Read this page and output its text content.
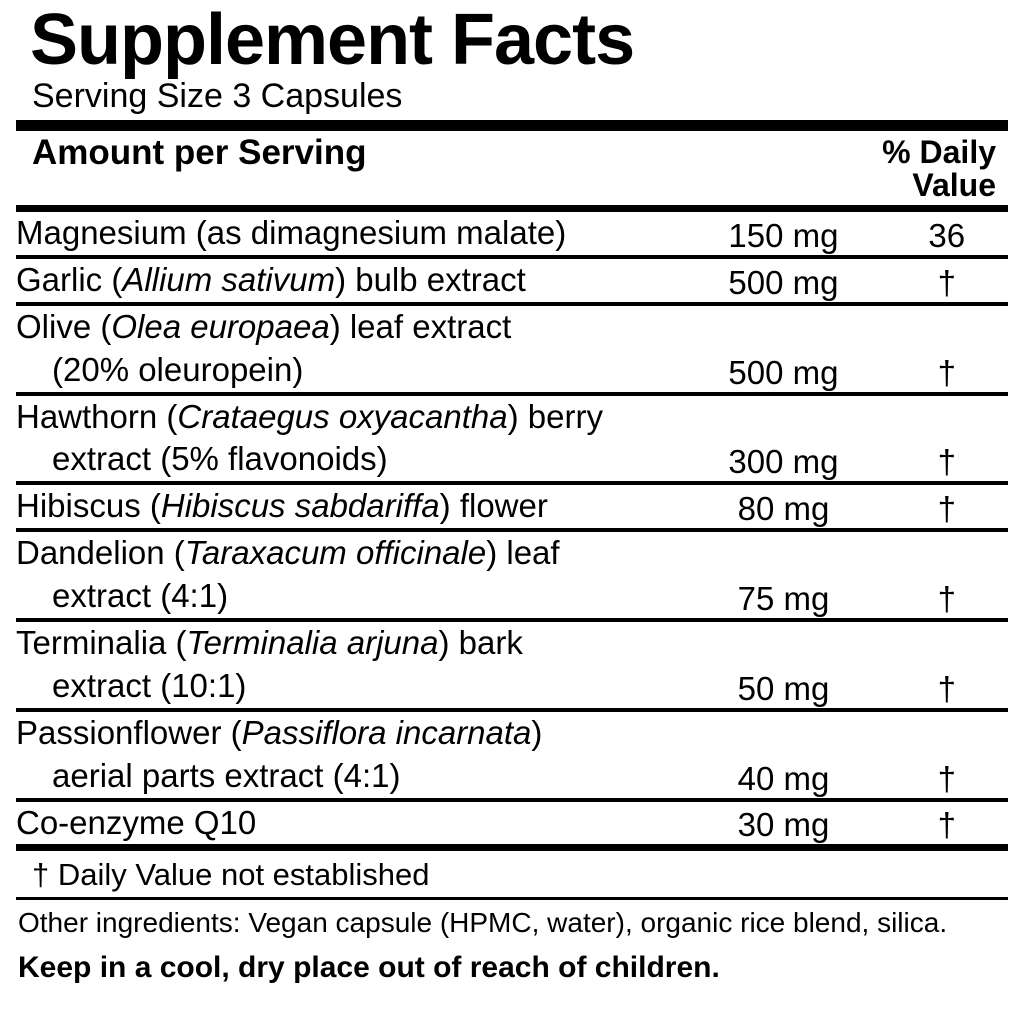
Supplement Facts
Serving Size 3 Capsules
Amount per Serving	% Daily
Value
Magnesium (as dimagnesium malate)	150 mg	36

Garlic (Allium sativum) bulb extract	500 mg	†

Olive (Olea europaea) leaf extract
(20% oleuropein)	500 mg	†

Hawthorn (Crataegus oxyacantha) berry
extract (5% flavonoids)	300 mg	†

Hibiscus (Hibiscus sabdariffa) flower	80 mg	†

Dandelion (Taraxacum officinale) leaf
extract (4:1)	75 mg	†

Terminalia (Terminalia arjuna) bark
extract (10:1)	50 mg	†

Passionflower (Passiflora incarnata)
aerial parts extract (4:1)	40 mg	†

Co-enzyme Q10	30 mg	†
† Daily Value not established
Other ingredients: Vegan capsule (HPMC, water), organic rice blend, silica.
Keep in a cool, dry place out of reach of children.
